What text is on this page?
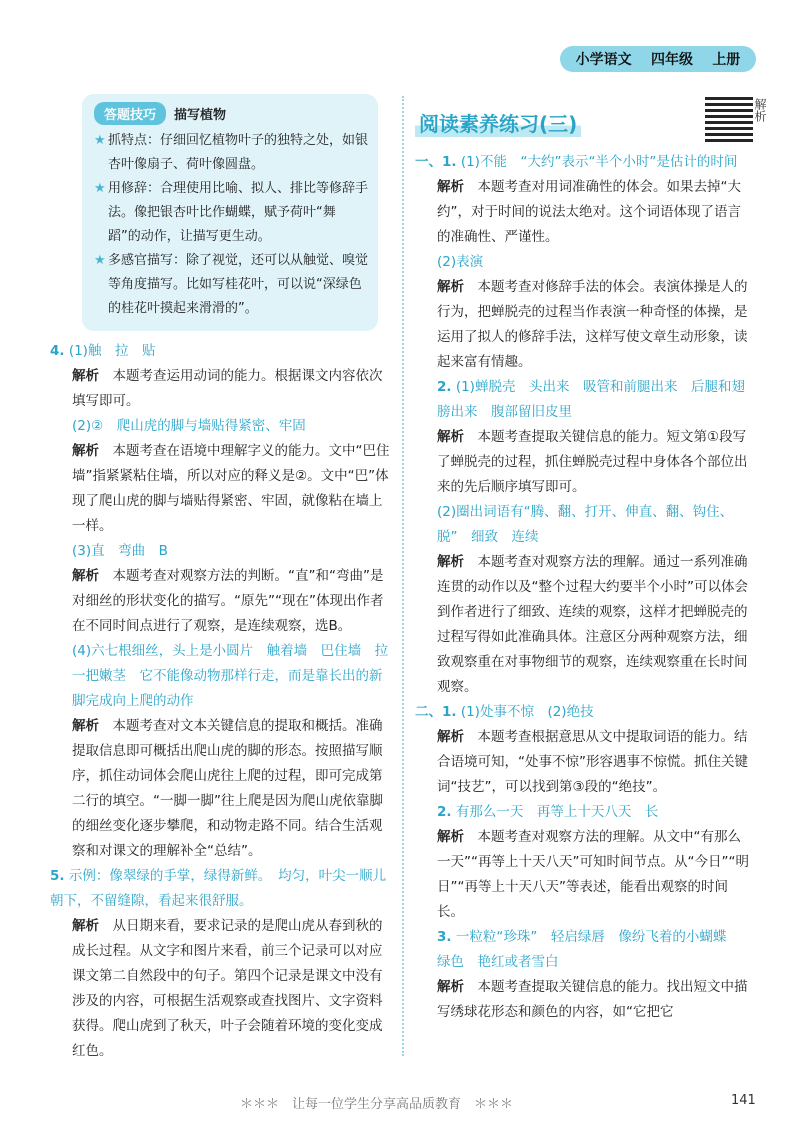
小学语文 四年级 上册
答题技巧	描写植物
★ 抓特点：仔细回忆植物叶子的独特之处，如银杏叶像扇子、荷叶像圆盘。
★ 用修辞：合理使用比喻、拟人、排比等修辞手法。像把银杏叶比作蝴蝶，赋予荷叶“舞蹈”的动作，让描写更生动。
★ 多感官描写：除了视觉，还可以从触觉、嗅觉等角度描写。比如写桂花叶，可以说“深绿色的桂花叶摸起来滑滑的”。

4. (1)触　拉　贴

解析　 本题考查运用动词的能力。根据课文内容依次填写即可。

(2)②　爬山虎的脚与墙贴得紧密、牢固

解析　 本题考查在语境中理解字义的能力。文中“巴住墙”指紧紧粘住墙，所以对应的释义是②。文中“巴”体现了爬山虎的脚与墙贴得紧密、牢固，就像粘在墙上一样。

(3)直　弯曲　B

解析　 本题考查对观察方法的判断。“直”和“弯曲”是对细丝的形状变化的描写。“原先”“现在”体现出作者在不同时间点进行了观察，是连续观察，选B。

(4)六七根细丝，头上是小圆片　触着墙　巴住墙　拉一把嫩茎　它不能像动物那样行走，而是靠长出的新脚完成向上爬的动作

解析　 本题考查对文本关键信息的提取和概括。准确提取信息即可概括出爬山虎的脚的形态。按照描写顺序，抓住动词体会爬山虎往上爬的过程，即可完成第二行的填空。“一脚一脚”往上爬是因为爬山虎依靠脚的细丝变化逐步攀爬，和动物走路不同。结合生活观察和对课文的理解补全“总结”。

5. 示例：像翠绿的手掌，绿得新鲜。　均匀，叶尖一顺儿朝下，不留缝隙，看起来很舒服。

解析　 从日期来看，要求记录的是爬山虎从春到秋的成长过程。从文字和图片来看，前三个记录可以对应课文第二自然段中的句子。第四个记录是课文中没有涉及的内容，可根据生活观察或查找图片、文字资料获得。爬山虎到了秋天，叶子会随着环境的变化变成红色。

阅读素养练习(三)
解析

一、1. (1)不能　“大约”表示“半个小时”是估计的时间

解析　 本题考查对用词准确性的体会。如果去掉“大约”，对于时间的说法太绝对。这个词语体现了语言的准确性、严谨性。

(2)表演

解析　 本题考查对修辞手法的体会。表演体操是人的行为，把蝉脱壳的过程当作表演一种奇怪的体操，是运用了拟人的修辞手法，这样写使文章生动形象，读起来富有情趣。

2. (1)蝉脱壳　头出来　吸管和前腿出来　后腿和翅膀出来　腹部留旧皮里

解析　 本题考查提取关键信息的能力。短文第①段写了蝉脱壳的过程，抓住蝉脱壳过程中身体各个部位出来的先后顺序填写即可。

(2)圈出词语有“腾、翻、打开、伸直、翻、钩住、脱”　细致　连续

解析　 本题考查对观察方法的理解。通过一系列准确连贯的动作以及“整个过程大约要半个小时”可以体会到作者进行了细致、连续的观察，这样才把蝉脱壳的过程写得如此准确具体。注意区分两种观察方法，细致观察重在对事物细节的观察，连续观察重在长时间观察。

二、1. (1)处事不惊　(2)绝技

解析　 本题考查根据意思从文中提取词语的能力。结合语境可知，“处事不惊”形容遇事不惊慌。抓住关键词“技艺”，可以找到第③段的“绝技”。

2. 有那么一天　再等上十天八天　长

解析　 本题考查对观察方法的理解。从文中“有那么一天”“再等上十天八天”可知时间节点。从“今日”“明日”“再等上十天八天”等表述，能看出观察的时间长。

3. 一粒粒“珍珠”　轻启绿唇　像纷飞着的小蝴蝶　绿色　艳红或者雪白

解析　 本题考查提取关键信息的能力。找出短文中描写绣球花形态和颜色的内容，如“它把它

＊＊＊　让每一位学生分享高品质教育　＊＊＊	141
